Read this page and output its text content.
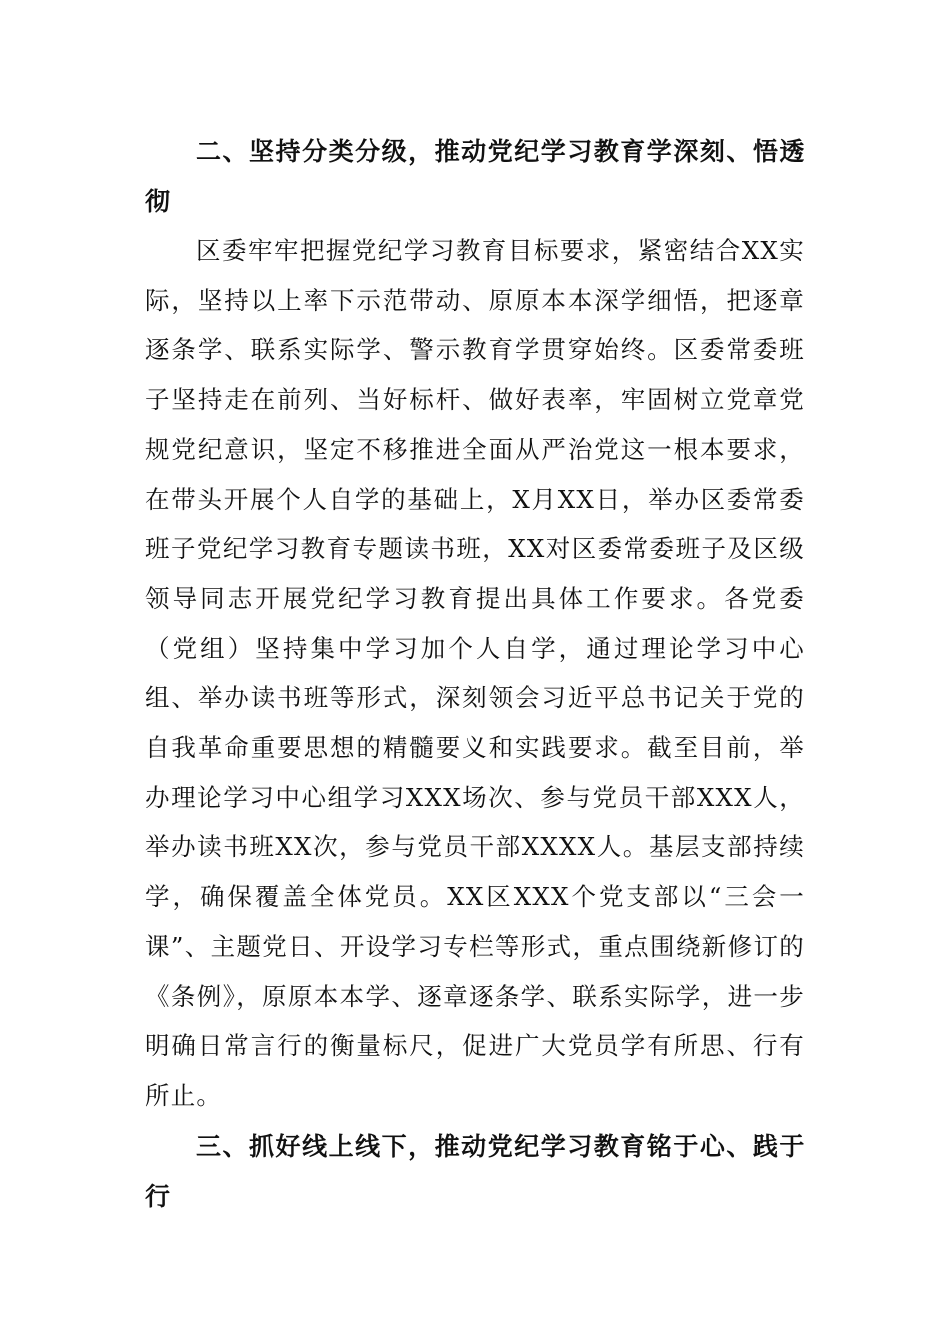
二、坚持分类分级，推动党纪学习教育学深刻、悟透彻

区委牢牢把握党纪学习教育目标要求，紧密结合XX实际，坚持以上率下示范带动、原原本本深学细悟，把逐章逐条学、联系实际学、警示教育学贯穿始终。区委常委班子坚持走在前列、当好标杆、做好表率，牢固树立党章党规党纪意识，坚定不移推进全面从严治党这一根本要求，在带头开展个人自学的基础上，X月XX日，举办区委常委班子党纪学习教育专题读书班，XX对区委常委班子及区级领导同志开展党纪学习教育提出具体工作要求。各党委（党组）坚持集中学习加个人自学，通过理论学习中心组、举办读书班等形式，深刻领会习近平总书记关于党的自我革命重要思想的精髓要义和实践要求。截至目前，举办理论学习中心组学习XXX场次、参与党员干部XXX人，举办读书班XX次，参与党员干部XXXX人。基层支部持续学，确保覆盖全体党员。XX区XXX个党支部以“三会一课”、主题党日、开设学习专栏等形式，重点围绕新修订的《条例》，原原本本学、逐章逐条学、联系实际学，进一步明确日常言行的衡量标尺，促进广大党员学有所思、行有所止。

三、抓好线上线下，推动党纪学习教育铭于心、践于行
